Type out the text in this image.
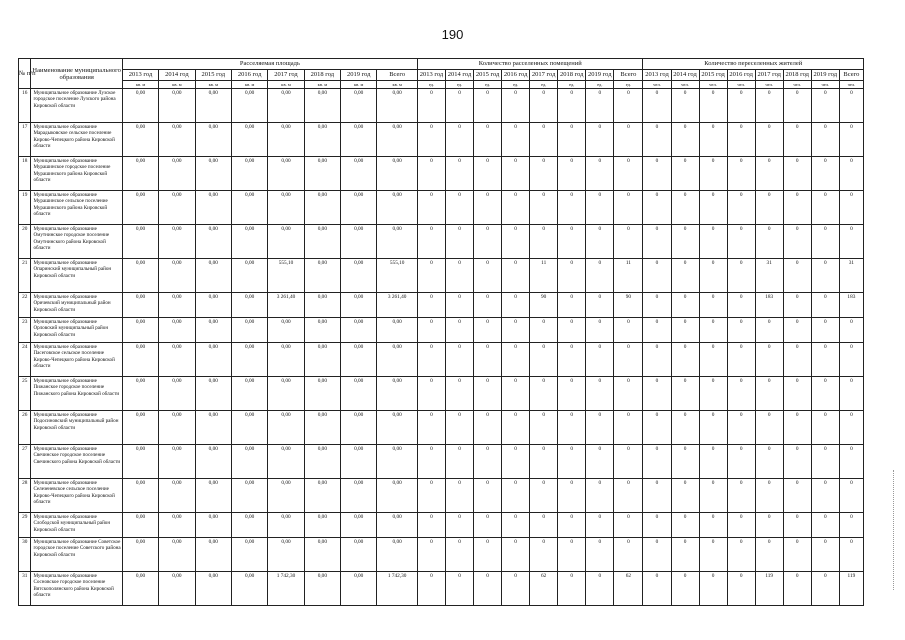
190
№ п/п	Наименование муниципального образования	Расселяемая площадь								Количество расселенных помещений								Количество переселенных жителей							
		2013 год	2014 год	2015 год	2016 год	2017 год	2018 год	2019 год	Всего	2013 год	2014 год	2015 год	2016 год	2017 год	2018 год	2019 год	Всего	2013 год	2014 год	2015 год	2016 год	2017 год	2018 год	2019 год	Всего
		кв. м	кв. м	кв. м	кв. м	кв. м	кв. м	кв. м	кв. м	ед.	ед.	ед.	ед.	ед.	ед.	ед.	ед.	чел.	чел.	чел.	чел.	чел.	чел.	чел.	чел.
16	Муниципальное образование Лузское городское поселение Лузского района Кировской области	0,00	0,00	0,00	0,00	0,00	0,00	0,00	0,00	0	0	0	0	0	0	0	0	0	0	0	0	0	0	0	0
17	Муниципальное образование Марадыковское сельское поселение Кирово-Чепецкого района Кировской области	0,00	0,00	0,00	0,00	0,00	0,00	0,00	0,00	0	0	0	0	0	0	0	0	0	0	0	0	0	0	0	0
18	Муниципальное образование Мурашинское городское поселение Мурашинского района Кировской области	0,00	0,00	0,00	0,00	0,00	0,00	0,00	0,00	0	0	0	0	0	0	0	0	0	0	0	0	0	0	0	0
19	Муниципальное образование Мурашинское сельское поселение Мурашинского района Кировской области	0,00	0,00	0,00	0,00	0,00	0,00	0,00	0,00	0	0	0	0	0	0	0	0	0	0	0	0	0	0	0	0
20	Муниципальное образование Омутнинское городское поселение Омутнинского района Кировской области	0,00	0,00	0,00	0,00	0,00	0,00	0,00	0,00	0	0	0	0	0	0	0	0	0	0	0	0	0	0	0	0
21	Муниципальное образование Опаринский муниципальный район Кировской области	0,00	0,00	0,00	0,00	555,10	0,00	0,00	555,10	0	0	0	0	11	0	0	11	0	0	0	0	31	0	0	31
22	Муниципальное образование Оричевский муниципальный район Кировской области	0,00	0,00	0,00	0,00	3 261,40	0,00	0,00	3 261,40	0	0	0	0	90	0	0	90	0	0	0	0	183	0	0	183
23	Муниципальное образование Орловский муниципальный район Кировской области	0,00	0,00	0,00	0,00	0,00	0,00	0,00	0,00	0	0	0	0	0	0	0	0	0	0	0	0	0	0	0	0
24	Муниципальное образование Пасеговское сельское поселение Кирово-Чепецкого района Кировской области	0,00	0,00	0,00	0,00	0,00	0,00	0,00	0,00	0	0	0	0	0	0	0	0	0	0	0	0	0	0	0	0
25	Муниципальное образование Пижанское городское поселение Пижанского района Кировской области	0,00	0,00	0,00	0,00	0,00	0,00	0,00	0,00	0	0	0	0	0	0	0	0	0	0	0	0	0	0	0	0
26	Муниципальное образование Подосиновский муниципальный район Кировской области	0,00	0,00	0,00	0,00	0,00	0,00	0,00	0,00	0	0	0	0	0	0	0	0	0	0	0	0	0	0	0	0
27	Муниципальное образование Свечинское городское поселение Свечинского района Кировской области	0,00	0,00	0,00	0,00	0,00	0,00	0,00	0,00	0	0	0	0	0	0	0	0	0	0	0	0	0	0	0	0
28	Муниципальное образование Селезеневское сельское поселение Кирово-Чепецкого района Кировской области	0,00	0,00	0,00	0,00	0,00	0,00	0,00	0,00	0	0	0	0	0	0	0	0	0	0	0	0	0	0	0	0
29	Муниципальное образование Слободской муниципальный район Кировской области	0,00	0,00	0,00	0,00	0,00	0,00	0,00	0,00	0	0	0	0	0	0	0	0	0	0	0	0	0	0	0	0
30	Муниципальное образование Советское городское поселение Советского района Кировской области	0,00	0,00	0,00	0,00	0,00	0,00	0,00	0,00	0	0	0	0	0	0	0	0	0	0	0	0	0	0	0	0
31	Муниципальное образование Сосновское городское поселение Вятскополянского района Кировской области	0,00	0,00	0,00	0,00	1 742,30	0,00	0,00	1 742,30	0	0	0	0	62	0	0	62	0	0	0	0	119	0	0	119
